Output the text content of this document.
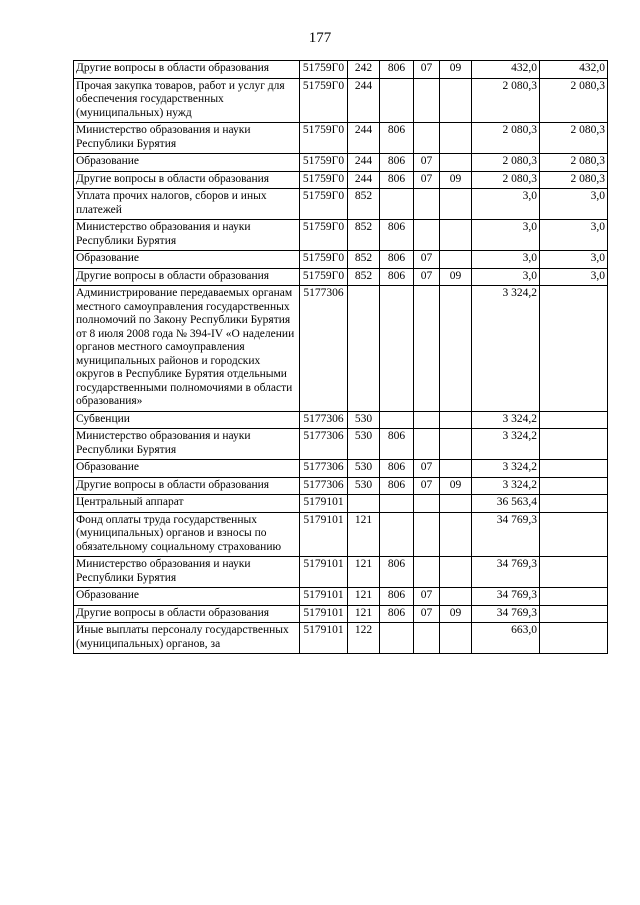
177
Другие вопросы в области образования	51759Г0	242	806	07	09	432,0	432,0
Прочая закупка товаров, работ и услуг для обеспечения государственных (муниципальных) нужд	51759Г0	244				2 080,3	2 080,3
Министерство образования и науки Республики Бурятия	51759Г0	244	806			2 080,3	2 080,3
Образование	51759Г0	244	806	07		2 080,3	2 080,3
Другие вопросы в области образования	51759Г0	244	806	07	09	2 080,3	2 080,3
Уплата прочих налогов, сборов и иных платежей	51759Г0	852				3,0	3,0
Министерство образования и науки Республики Бурятия	51759Г0	852	806			3,0	3,0
Образование	51759Г0	852	806	07		3,0	3,0
Другие вопросы в области образования	51759Г0	852	806	07	09	3,0	3,0
Администрирование передаваемых органам местного самоуправления государственных полномочий по Закону Республики Бурятия от 8 июля 2008 года № 394-IV «О наделении органов местного самоуправления муниципальных районов и городских округов в Республике Бурятия отдельными государственными полномочиями в области образования»	5177306					3 324,2	
Субвенции	5177306	530				3 324,2	
Министерство образования и науки Республики Бурятия	5177306	530	806			3 324,2	
Образование	5177306	530	806	07		3 324,2	
Другие вопросы в области образования	5177306	530	806	07	09	3 324,2	
Центральный аппарат	5179101					36 563,4	
Фонд оплаты труда государственных (муниципальных) органов и взносы по обязательному социальному страхованию	5179101	121				34 769,3	
Министерство образования и науки Республики Бурятия	5179101	121	806			34 769,3	
Образование	5179101	121	806	07		34 769,3	
Другие вопросы в области образования	5179101	121	806	07	09	34 769,3	
Иные выплаты персоналу государственных (муниципальных) органов, за	5179101	122				663,0	
